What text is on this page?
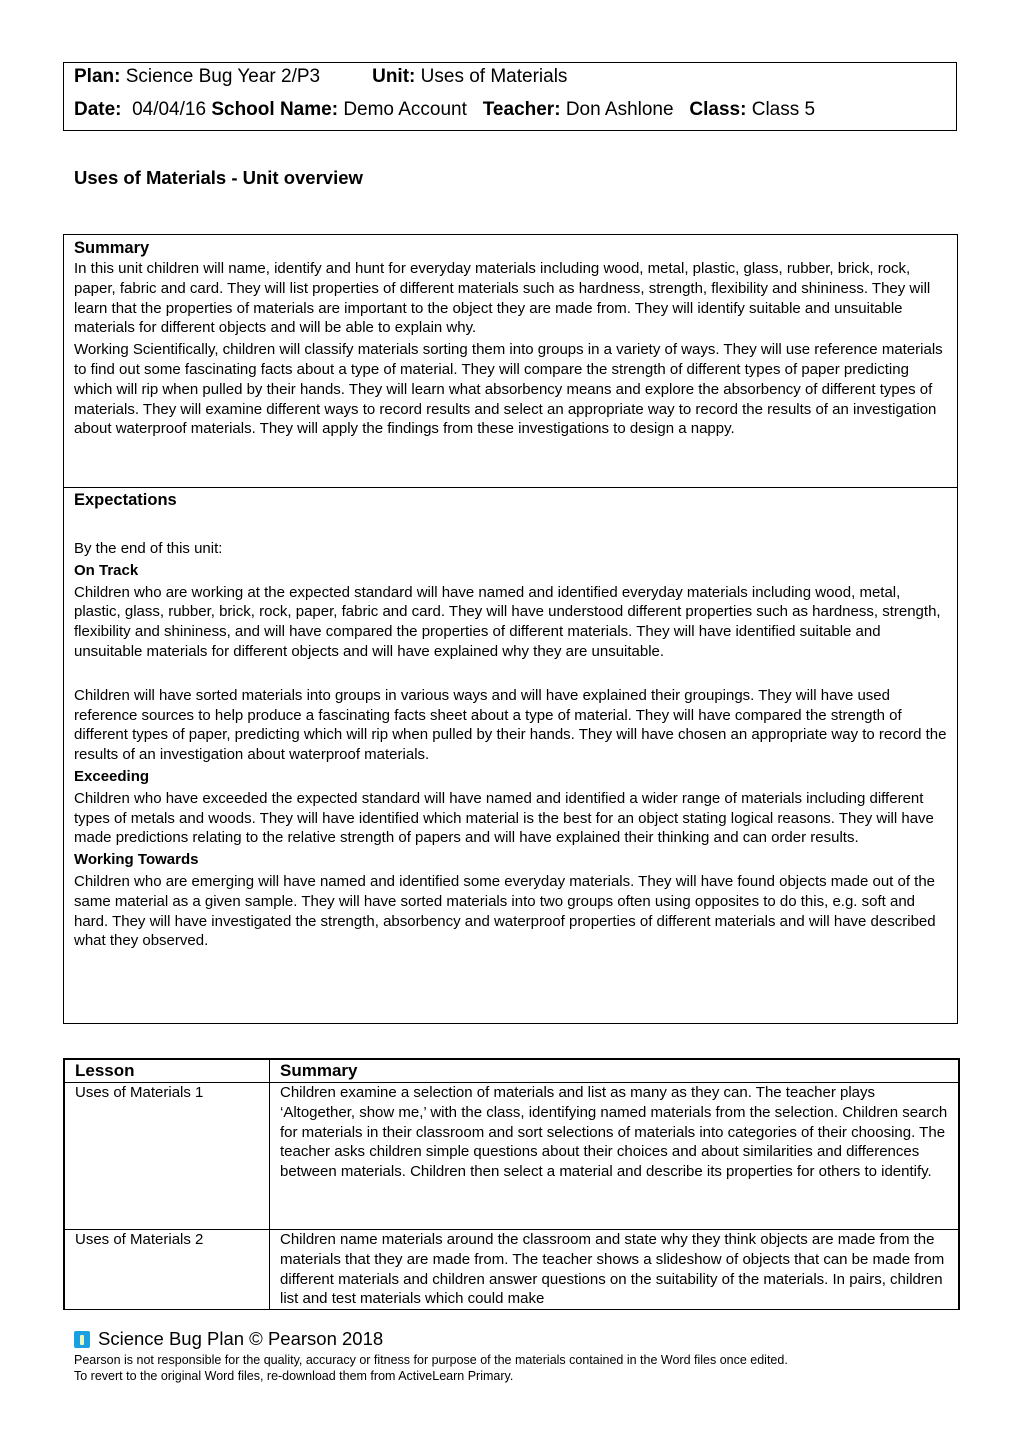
Plan: Science Bug Year 2/P3	Unit: Uses of Materials
Date: 04/04/16 School Name: Demo Account Teacher: Don Ashlone Class: Class 5
Uses of Materials - Unit overview
Summary

In this unit children will name, identify and hunt for everyday materials including wood, metal, plastic, glass, rubber, brick, rock, paper, fabric and card. They will list properties of different materials such as hardness, strength, flexibility and shininess. They will learn that the properties of materials are important to the object they are made from. They will identify suitable and unsuitable materials for different objects and will be able to explain why.

Working Scientifically, children will classify materials sorting them into groups in a variety of ways. They will use reference materials to find out some fascinating facts about a type of material. They will compare the strength of different types of paper predicting which will rip when pulled by their hands. They will learn what absorbency means and explore the absorbency of different types of materials. They will examine different ways to record results and select an appropriate way to record the results of an investigation about waterproof materials. They will apply the findings from these investigations to design a nappy.

Expectations

By the end of this unit:

On Track

Children who are working at the expected standard will have named and identified everyday materials including wood, metal, plastic, glass, rubber, brick, rock, paper, fabric and card. They will have understood different properties such as hardness, strength, flexibility and shininess, and will have compared the properties of different materials. They will have identified suitable and unsuitable materials for different objects and will have explained why they are unsuitable.

Children will have sorted materials into groups in various ways and will have explained their groupings. They will have used reference sources to help produce a fascinating facts sheet about a type of material. They will have compared the strength of different types of paper, predicting which will rip when pulled by their hands. They will have chosen an appropriate way to record the results of an investigation about waterproof materials.

Exceeding

Children who have exceeded the expected standard will have named and identified a wider range of materials including different types of metals and woods. They will have identified which material is the best for an object stating logical reasons. They will have made predictions relating to the relative strength of papers and will have explained their thinking and can order results.

Working Towards

Children who are emerging will have named and identified some everyday materials. They will have found objects made out of the same material as a given sample. They will have sorted materials into two groups often using opposites to do this, e.g. soft and hard. They will have investigated the strength, absorbency and waterproof properties of different materials and will have described what they observed.

Lesson	Summary
Uses of Materials 1	Children examine a selection of materials and list as many as they can. The teacher plays ‘Altogether, show me,’ with the class, identifying named materials from the selection. Children search for materials in their classroom and sort selections of materials into categories of their choosing. The teacher asks children simple questions about their choices and about similarities and differences between materials. Children then select a material and describe its properties for others to identify.
Uses of Materials 2	Children name materials around the classroom and state why they think objects are made from the materials that they are made from. The teacher shows a slideshow of objects that can be made from different materials and children answer questions on the suitability of the materials. In pairs, children list and test materials which could make
Science Bug Plan © Pearson 2018
Pearson is not responsible for the quality, accuracy or fitness for purpose of the materials contained in the Word files once edited.
To revert to the original Word files, re-download them from ActiveLearn Primary.
